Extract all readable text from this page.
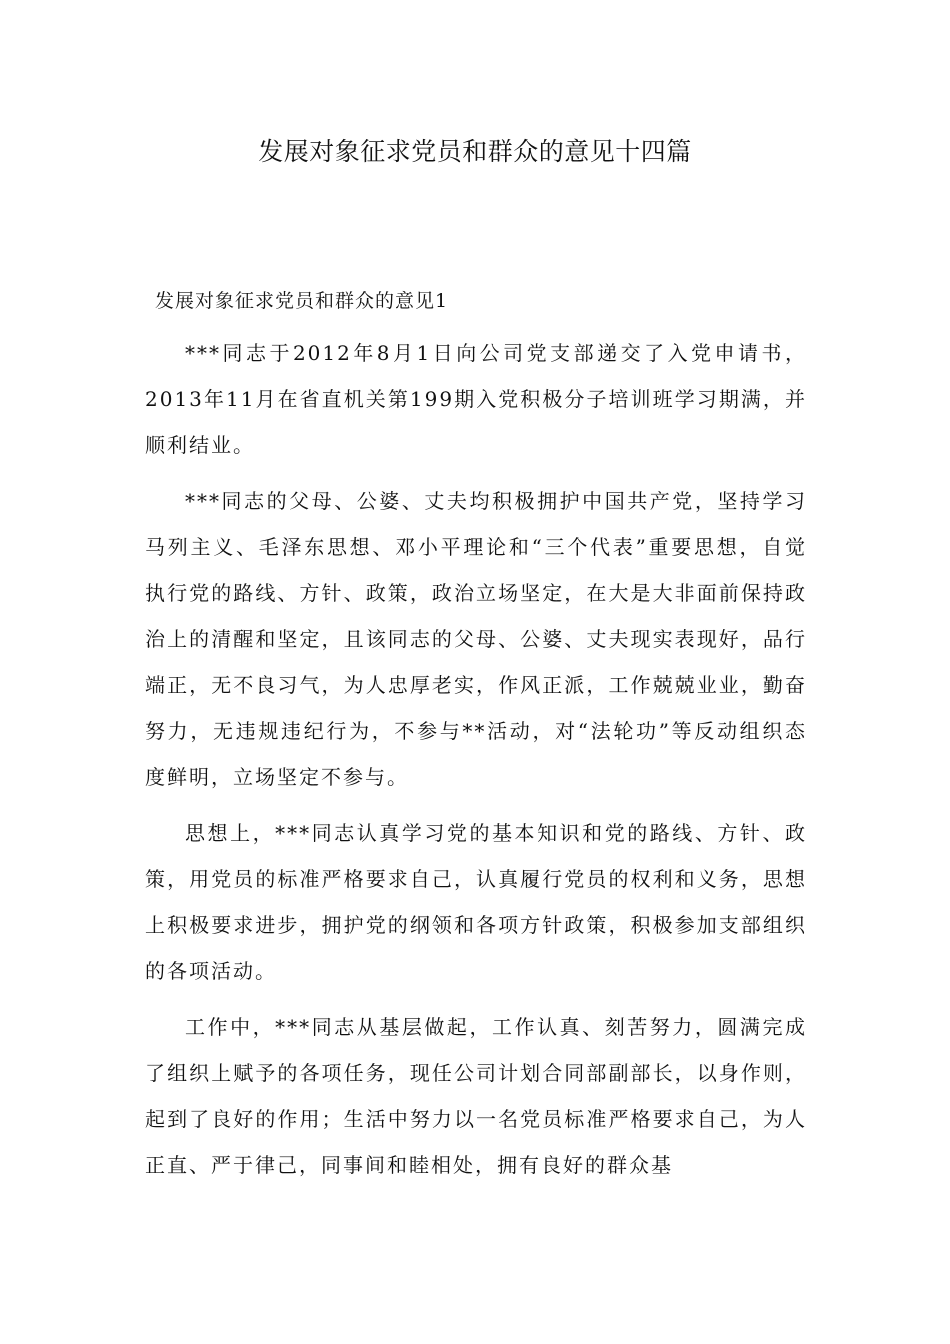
发展对象征求党员和群众的意见十四篇
发展对象征求党员和群众的意见1

***同志于2012年8月1日向公司党支部递交了入党申请书，2013年11月在省直机关第199期入党积极分子培训班学习期满，并顺利结业。

***同志的父母、公婆、丈夫均积极拥护中国共产党，坚持学习马列主义、毛泽东思想、邓小平理论和“三个代表”重要思想，自觉执行党的路线、方针、政策，政治立场坚定，在大是大非面前保持政治上的清醒和坚定，且该同志的父母、公婆、丈夫现实表现好，品行端正，无不良习气，为人忠厚老实，作风正派，工作兢兢业业，勤奋努力，无违规违纪行为，不参与**活动，对“法轮功”等反动组织态度鲜明，立场坚定不参与。

思想上，***同志认真学习党的基本知识和党的路线、方针、政策，用党员的标准严格要求自己，认真履行党员的权利和义务，思想上积极要求进步，拥护党的纲领和各项方针政策，积极参加支部组织的各项活动。

工作中，***同志从基层做起，工作认真、刻苦努力，圆满完成了组织上赋予的各项任务，现任公司计划合同部副部长，以身作则，起到了良好的作用；生活中努力以一名党员标准严格要求自己，为人正直、严于律己，同事间和睦相处，拥有良好的群众基
